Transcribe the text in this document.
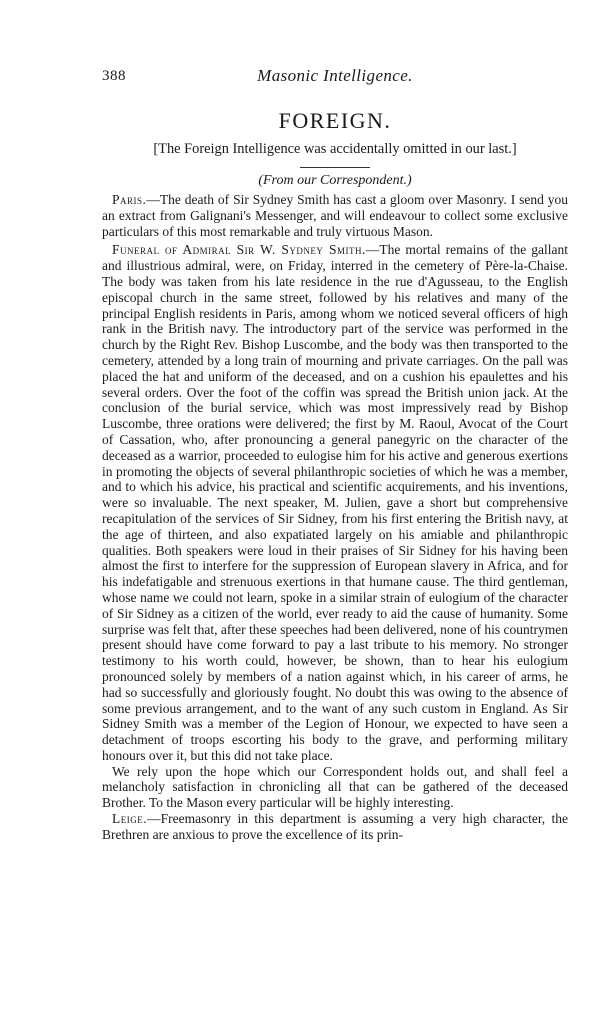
388	Masonic Intelligence.
FOREIGN.
[The Foreign Intelligence was accidentally omitted in our last.]
(From our Correspondent.)

Paris.—The death of Sir Sydney Smith has cast a gloom over Masonry. I send you an extract from Galignani's Messenger, and will endeavour to collect some exclusive particulars of this most remarkable and truly virtuous Mason.

Funeral of Admiral Sir W. Sydney Smith.—The mortal remains of the gallant and illustrious admiral, were, on Friday, interred in the cemetery of Père-la-Chaise. The body was taken from his late residence in the rue d'Agusseau, to the English episcopal church in the same street, followed by his relatives and many of the principal English residents in Paris, among whom we noticed several officers of high rank in the British navy. The introductory part of the service was performed in the church by the Right Rev. Bishop Luscombe, and the body was then transported to the cemetery, attended by a long train of mourning and private carriages. On the pall was placed the hat and uniform of the deceased, and on a cushion his epaulettes and his several orders. Over the foot of the coffin was spread the British union jack. At the conclusion of the burial service, which was most impressively read by Bishop Luscombe, three orations were delivered; the first by M. Raoul, Avocat of the Court of Cassation, who, after pronouncing a general panegyric on the character of the deceased as a warrior, proceeded to eulogise him for his active and generous exertions in promoting the objects of several philanthropic societies of which he was a member, and to which his advice, his practical and scientific acquirements, and his inventions, were so invaluable. The next speaker, M. Julien, gave a short but comprehensive recapitulation of the services of Sir Sidney, from his first entering the British navy, at the age of thirteen, and also expatiated largely on his amiable and philanthropic qualities. Both speakers were loud in their praises of Sir Sidney for his having been almost the first to interfere for the suppression of European slavery in Africa, and for his indefatigable and strenuous exertions in that humane cause. The third gentleman, whose name we could not learn, spoke in a similar strain of eulogium of the character of Sir Sidney as a citizen of the world, ever ready to aid the cause of humanity. Some surprise was felt that, after these speeches had been delivered, none of his countrymen present should have come forward to pay a last tribute to his memory. No stronger testimony to his worth could, however, be shown, than to hear his eulogium pronounced solely by members of a nation against which, in his career of arms, he had so successfully and gloriously fought. No doubt this was owing to the absence of some previous arrangement, and to the want of any such custom in England. As Sir Sidney Smith was a member of the Legion of Honour, we expected to have seen a detachment of troops escorting his body to the grave, and performing military honours over it, but this did not take place.

We rely upon the hope which our Correspondent holds out, and shall feel a melancholy satisfaction in chronicling all that can be gathered of the deceased Brother. To the Mason every particular will be highly interesting.

Leige.—Freemasonry in this department is assuming a very high character, the Brethren are anxious to prove the excellence of its prin-
